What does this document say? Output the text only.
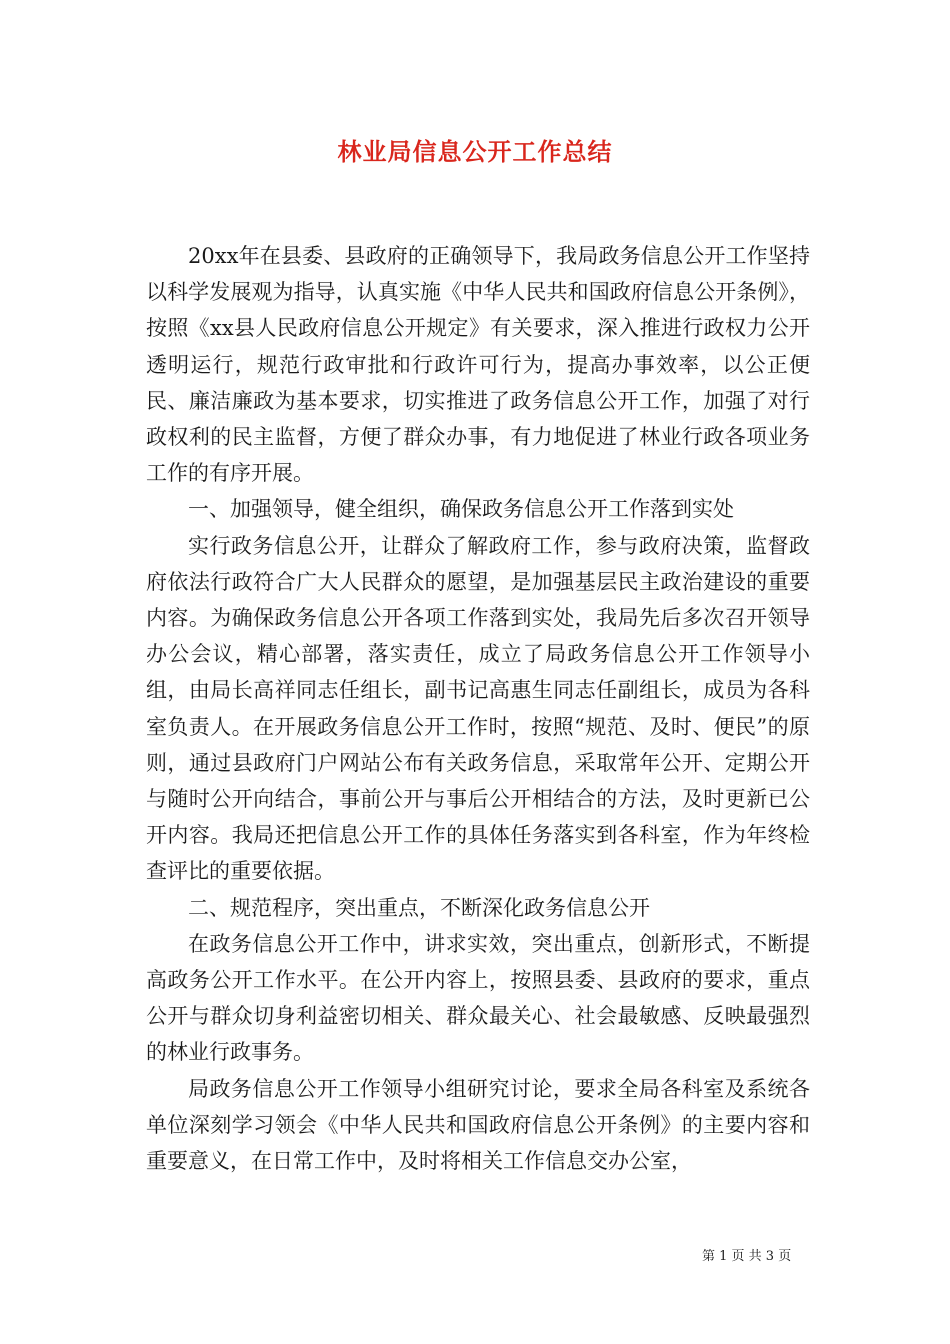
林业局信息公开工作总结

20xx年在县委、县政府的正确领导下，我局政务信息公开工作坚持以科学发展观为指导，认真实施《中华人民共和国政府信息公开条例》，按照《xx县人民政府信息公开规定》有关要求，深入推进行政权力公开透明运行，规范行政审批和行政许可行为，提高办事效率，以公正便民、廉洁廉政为基本要求，切实推进了政务信息公开工作，加强了对行政权利的民主监督，方便了群众办事，有力地促进了林业行政各项业务工作的有序开展。

一、加强领导，健全组织，确保政务信息公开工作落到实处

实行政务信息公开，让群众了解政府工作，参与政府决策，监督政府依法行政符合广大人民群众的愿望，是加强基层民主政治建设的重要内容。为确保政务信息公开各项工作落到实处，我局先后多次召开领导办公会议，精心部署，落实责任，成立了局政务信息公开工作领导小组，由局长高祥同志任组长，副书记高惠生同志任副组长，成员为各科室负责人。在开展政务信息公开工作时，按照“规范、及时、便民”的原则，通过县政府门户网站公布有关政务信息，采取常年公开、定期公开与随时公开向结合，事前公开与事后公开相结合的方法，及时更新已公开内容。我局还把信息公开工作的具体任务落实到各科室，作为年终检查评比的重要依据。

二、规范程序，突出重点，不断深化政务信息公开

在政务信息公开工作中，讲求实效，突出重点，创新形式，不断提高政务公开工作水平。在公开内容上，按照县委、县政府的要求，重点公开与群众切身利益密切相关、群众最关心、社会最敏感、反映最强烈的林业行政事务。

局政务信息公开工作领导小组研究讨论，要求全局各科室及系统各单位深刻学习领会《中华人民共和国政府信息公开条例》的主要内容和重要意义，在日常工作中，及时将相关工作信息交办公室，

第 1 页 共 3 页
